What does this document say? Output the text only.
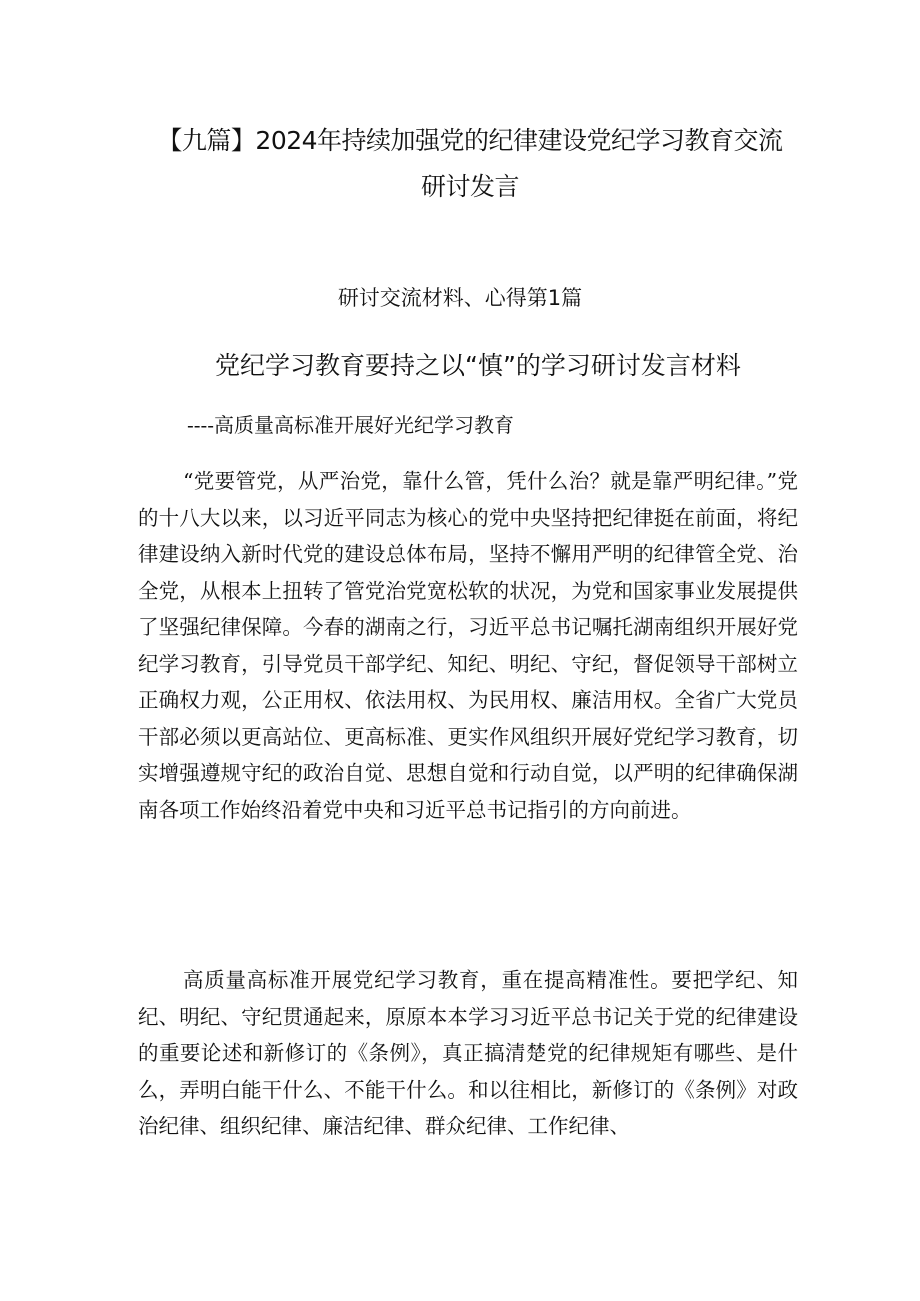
【九篇】2024年持续加强党的纪律建设党纪学习教育交流研讨发言
研讨交流材料、心得第1篇
党纪学习教育要持之以“慎”的学习研讨发言材料
----高质量高标准开展好光纪学习教育

“党要管党，从严治党，靠什么管，凭什么治？就是靠严明纪律。”党的十八大以来，以习近平同志为核心的党中央坚持把纪律挺在前面，将纪律建设纳入新时代党的建设总体布局，坚持不懈用严明的纪律管全党、治全党，从根本上扭转了管党治党宽松软的状况，为党和国家事业发展提供了坚强纪律保障。今春的湖南之行，习近平总书记嘱托湖南组织开展好党纪学习教育，引导党员干部学纪、知纪、明纪、守纪，督促领导干部树立正确权力观，公正用权、依法用权、为民用权、廉洁用权。全省广大党员干部必须以更高站位、更高标准、更实作风组织开展好党纪学习教育，切实增强遵规守纪的政治自觉、思想自觉和行动自觉，以严明的纪律确保湖南各项工作始终沿着党中央和习近平总书记指引的方向前进。

高质量高标准开展党纪学习教育，重在提高精准性。要把学纪、知纪、明纪、守纪贯通起来，原原本本学习习近平总书记关于党的纪律建设的重要论述和新修订的《条例》，真正搞清楚党的纪律规矩有哪些、是什么，弄明白能干什么、不能干什么。和以往相比，新修订的《条例》对政治纪律、组织纪律、廉洁纪律、群众纪律、工作纪律、
